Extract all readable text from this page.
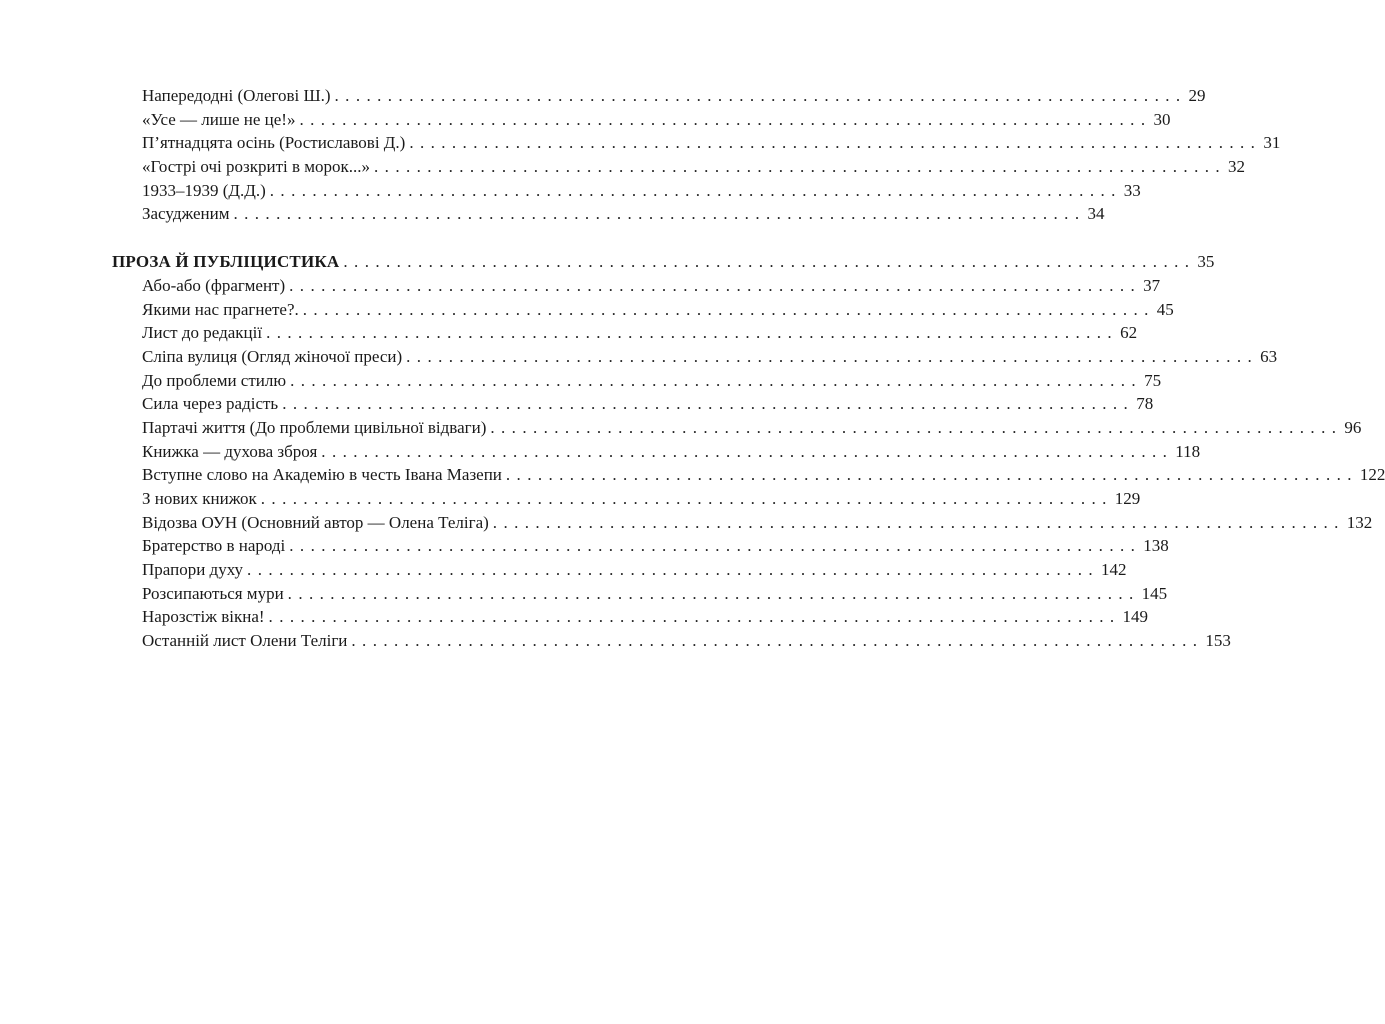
Напередодні (Олегові Ш.) ................................................................................ 29
«Усе — лише не це!» ................................................................................ 30
П’ятнадцята осінь (Ростиславові Д.) ................................................................................ 31
«Гострі очі розкриті в морок...» ................................................................................ 32
1933–1939 (Д.Д.) ................................................................................ 33
Засудженим ................................................................................ 34
ПРОЗА Й ПУБЛІЦИСТИКА ................................................................................ 35
Або-або (фрагмент) ................................................................................ 37
Якими нас прагнете?. ................................................................................ 45
Лист до редакції ................................................................................ 62
Сліпа вулиця (Огляд жіночої преси) ................................................................................ 63
До проблеми стилю ................................................................................ 75
Сила через радість ................................................................................ 78
Партачі життя (До проблеми цивільної відваги) ................................................................................ 96
Книжка — духова зброя ................................................................................ 118
Вступне слово на Академію в честь Івана Мазепи ................................................................................ 122
З нових книжок ................................................................................ 129
Відозва ОУН (Основний автор — Олена Теліга) ................................................................................ 132
Братерство в народі ................................................................................ 138
Прапори духу ................................................................................ 142
Розсипаються мури ................................................................................ 145
Нарозстіж вікна! ................................................................................ 149
Останній лист Олени Теліги ................................................................................ 153
